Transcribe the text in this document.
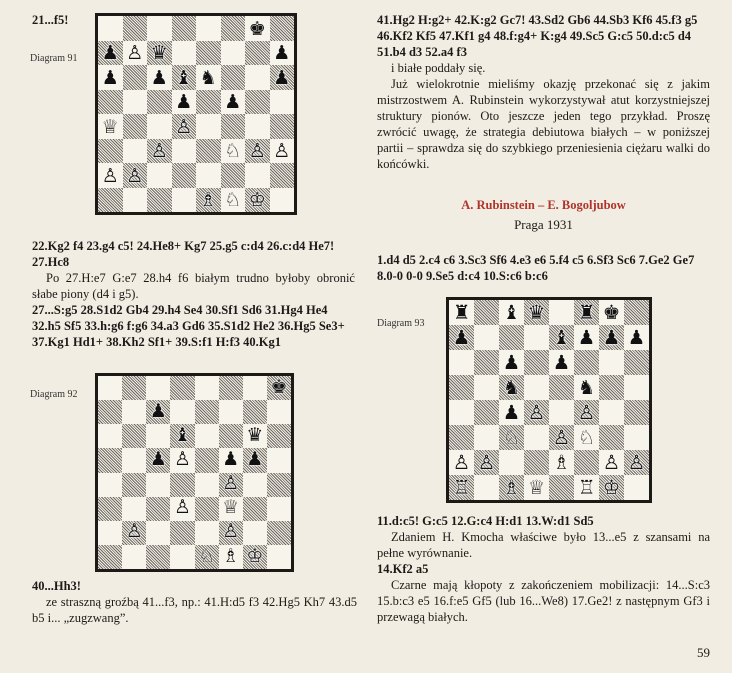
21...f5!

Diagram 91
♚
♟ ♙ ♛	♟
♟ ♟ ♝ ♞	♟
♟ ♟
♕	♙
♙	♘ ♙ ♙
♙ ♙
♗ ♘ ♔

22.Kg2 f4 23.g4 c5! 24.He8+ Kg7 25.g5 c:d4 26.c:d4 He7! 27.Hc8

Po 27.H:e7 G:e7 28.h4 f6 białym trudno byłoby obronić słabe piony (d4 i g5).

27...S:g5 28.S1d2 Gb4 29.h4 Se4 30.Sf1 Sd6 31.Hg4 He4 32.h5 Sf5 33.h:g6 f:g6 34.a3 Gd6 35.S1d2 He2 36.Hg5 Se3+ 37.Kg1 Hd1+ 38.Kh2 Sf1+ 39.S:f1 H:f3 40.Kg1

Diagram 92	♚
♟
♝	♛
♟ ♙ ♟ ♟
♙
♙ ♕
♙	♙
♘ ♗ ♔

40...Hh3!

ze straszną groźbą 41...f3, np.: 41.H:d5 f3 42.Hg5 Kh7 43.d5 b5 i... „zugzwang”.

41.Hg2 H:g2+ 42.K:g2 Gc7! 43.Sd2 Gb6 44.Sb3 Kf6 45.f3 g5 46.Kf2 Kf5 47.Kf1 g4 48.f:g4+ K:g4 49.Sc5 G:c5 50.d:c5 d4 51.b4 d3 52.a4 f3

i białe poddały się.

Już wielokrotnie mieliśmy okazję przekonać się z jakim mistrzostwem A. Rubinstein wykorzystywał atut korzystniejszej struktury pionów. Oto jeszcze jeden tego przykład. Proszę zwrócić uwagę, że strategia debiutowa białych – w poniższej partii – sprawdza się do szybkiego przeniesienia ciężaru walki do końcówki.

A. Rubinstein – E. Bogoljubow

Praga 1931

1.d4 d5 2.c4 c6 3.Sc3 Sf6 4.e3 e6 5.f4 c5 6.Sf3 Sc6 7.Ge2 Ge7 8.0-0 0-0 9.Se5 d:c4 10.S:c6 b:c6

Diagram 93 ♜ ♝ ♛ ♜ ♚
♟	♝ ♟ ♟ ♟
♟ ♟
♞	♞
♟ ♙ ♙
♘ ♙ ♘
♙ ♙	♗ ♙ ♙
♖ ♗ ♕ ♖ ♔

11.d:c5! G:c5 12.G:c4 H:d1 13.W:d1 Sd5

Zdaniem H. Kmocha właściwe było 13...e5 z szansami na pełne wyrównanie.

14.Kf2 a5

Czarne mają kłopoty z zakończeniem mobilizacji: 14...S:c3 15.b:c3 e5 16.f:e5 Gf5 (lub 16...We8) 17.Ge2! z następnym Gf3 i przewagą białych.

59
